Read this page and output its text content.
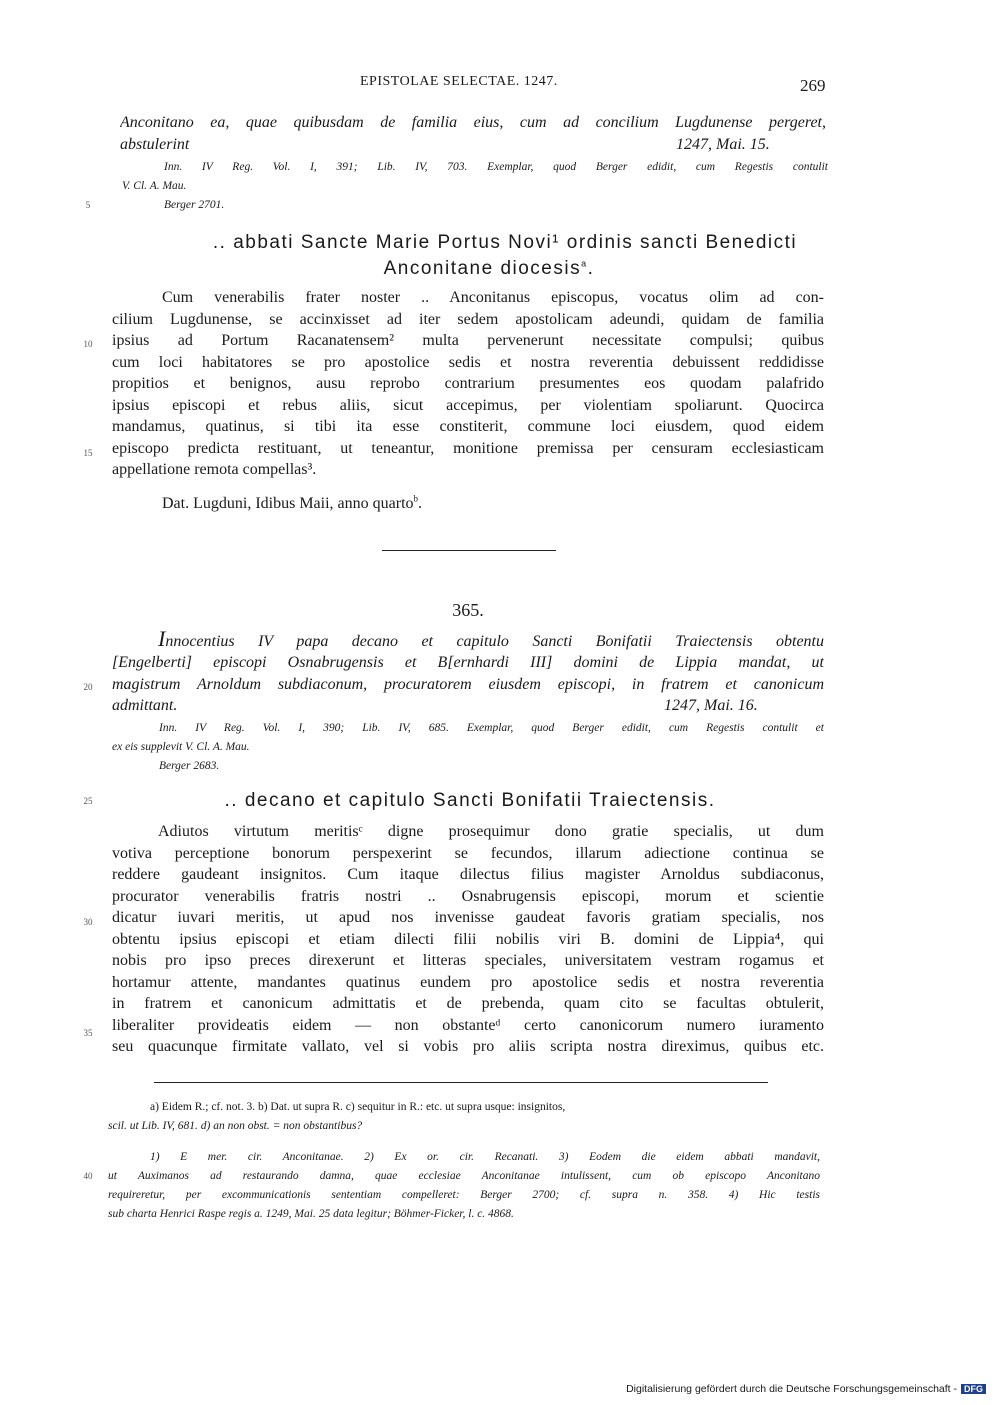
EPISTOLAE SELECTAE. 1247.	269
5
10
15
20
25
30
35
40
Anconitano ea, quae quibusdam de familia eius, cum ad concilium Lugdunense pergeret,
abstulerint	1247, Mai. 15.
Inn. IV Reg. Vol. I, 391; Lib. IV, 703. Exemplar, quod Berger edidit, cum Regestis contulit
V. Cl. A. Mau.
Berger 2701.
.. abbati Sancte Marie Portus Novi¹ ordinis sancti Benedicti
Anconitane diocesis$^a$.
Cum venerabilis frater noster .. Anconitanus episcopus, vocatus olim ad con-
cilium Lugdunense, se accinxisset ad iter sedem apostolicam adeundi, quidam de familia
ipsius ad Portum Racanatensem² multa pervenerunt necessitate compulsi; quibus
cum loci habitatores se pro apostolice sedis et nostra reverentia debuissent reddidisse
propitios et benignos, ausu reprobo contrarium presumentes eos quodam palafrido
ipsius episcopi et rebus aliis, sicut accepimus, per violentiam spoliarunt. Quocirca
mandamus, quatinus, si tibi ita esse constiterit, commune loci eiusdem, quod eidem
episcopo predicta restituant, ut teneantur, monitione premissa per censuram ecclesiasticam
appellatione remota compellas³.
Dat. Lugduni, Idibus Maii, anno quarto$^b$.
365.
Innocentius IV papa decano et capitulo Sancti Bonifatii Traiectensis obtentu
[Engelberti] episcopi Osnabrugensis et B[ernhardi III] domini de Lippia mandat, ut
magistrum Arnoldum subdiaconum, procuratorem eiusdem episcopi, in fratrem et canonicum
admittant.	1247, Mai. 16.
Inn. IV Reg. Vol. I, 390; Lib. IV, 685. Exemplar, quod Berger edidit, cum Regestis contulit et
ex eis supplevit V. Cl. A. Mau.
Berger 2683.
.. decano et capitulo Sancti Bonifatii Traiectensis.
Adiutos virtutum meritisᶜ digne prosequimur dono gratie specialis, ut dum
votiva perceptione bonorum perspexerint se fecundos, illarum adiectione continua se
reddere gaudeant insignitos. Cum itaque dilectus filius magister Arnoldus subdiaconus,
procurator venerabilis fratris nostri .. Osnabrugensis episcopi, morum et scientie
dicatur iuvari meritis, ut apud nos invenisse gaudeat favoris gratiam specialis, nos
obtentu ipsius episcopi et etiam dilecti filii nobilis viri B. domini de Lippia⁴, qui
nobis pro ipso preces direxerunt et litteras speciales, universitatem vestram rogamus et
hortamur attente, mandantes quatinus eundem pro apostolice sedis et nostra reverentia
in fratrem et canonicum admittatis et de prebenda, quam cito se facultas obtulerit,
liberaliter provideatis eidem — non obstanteᵈ certo canonicorum numero iuramento
seu quacunque firmitate vallato, vel si vobis pro aliis scripta nostra direximus, quibus etc.
a) Eidem R.; cf. not. 3. b) Dat. ut supra R. c) sequitur in R.: etc. ut supra usque: insignitos,
scil. ut Lib. IV, 681. d) an non obst. = non obstantibus?
1) E mer. cir. Anconitanae. 2) Ex or. cir. Recanati. 3) Eodem die eidem abbati mandavit,
ut Auximanos ad restaurando damna, quae ecclesiae Anconitanae intulissent, cum ob episcopo Anconitano
requireretur, per excommunicationis sententiam compelleret: Berger 2700; cf. supra n. 358. 4) Hic testis
sub charta Henrici Raspe regis a. 1249, Mai. 25 data legitur; Böhmer-Ficker, l. c. 4868.
Digitalisierung gefördert durch die Deutsche Forschungsgemeinschaft - DFG
